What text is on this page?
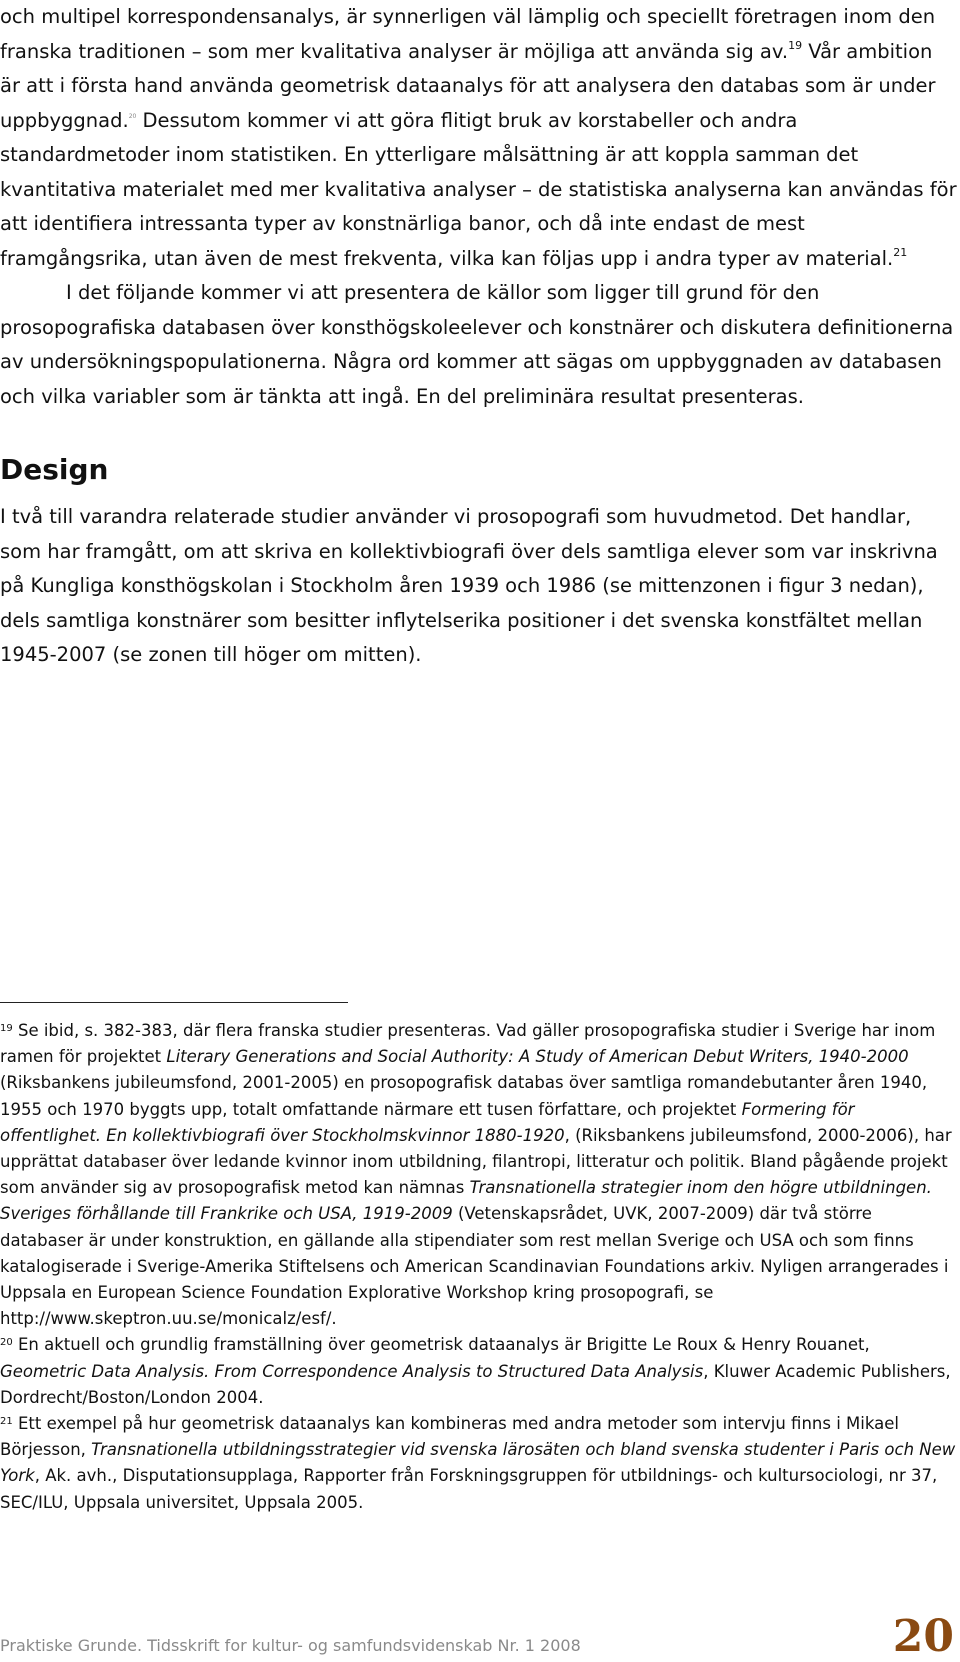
och multipel korrespondensanalys, är synnerligen väl lämplig och speciellt företragen inom den franska traditionen – som mer kvalitativa analyser är möjliga att använda sig av.$^{19}$ Vår ambition är att i första hand använda geometrisk dataanalys för att analysera den databas som är under uppbyggnad.$^{20}$ Dessutom kommer vi att göra flitigt bruk av korstabeller och andra standardmetoder inom statistiken. En ytterligare målsättning är att koppla samman det kvantitativa materialet med mer kvalitativa analyser – de statistiska analyserna kan användas för att identifiera intressanta typer av konstnärliga banor, och då inte endast de mest framgångsrika, utan även de mest frekventa, vilka kan följas upp i andra typer av material.$^{21}$

I det följande kommer vi att presentera de källor som ligger till grund för den prosopografiska databasen över konsthögskoleelever och konstnärer och diskutera definitionerna av undersökningspopulationerna. Några ord kommer att sägas om uppbyggnaden av databasen och vilka variabler som är tänkta att ingå. En del preliminära resultat presenteras.

Design

I två till varandra relaterade studier använder vi prosopografi som huvudmetod. Det handlar, som har framgått, om att skriva en kollektivbiografi över dels samtliga elever som var inskrivna på Kungliga konsthögskolan i Stockholm åren 1939 och 1986 (se mittenzonen i figur 3 nedan), dels samtliga konstnärer som besitter inflytelserika positioner i det svenska konstfältet mellan 1945-2007 (se zonen till höger om mitten).

$^{19}$ Se ibid, s. 382-383, där flera franska studier presenteras. Vad gäller prosopografiska studier i Sverige har inom ramen för projektet Literary Generations and Social Authority: A Study of American Debut Writers, 1940-2000 (Riksbankens jubileumsfond, 2001-2005) en prosopografisk databas över samtliga romandebutanter åren 1940, 1955 och 1970 byggts upp, totalt omfattande närmare ett tusen författare, och projektet Formering för offentlighet. En kollektivbiografi över Stockholmskvinnor 1880-1920, (Riksbankens jubileumsfond, 2000-2006), har upprättat databaser över ledande kvinnor inom utbildning, filantropi, litteratur och politik. Bland pågående projekt som använder sig av prosopografisk metod kan nämnas Transnationella strategier inom den högre utbildningen. Sveriges förhållande till Frankrike och USA, 1919-2009 (Vetenskapsrådet, UVK, 2007-2009) där två större databaser är under konstruktion, en gällande alla stipendiater som rest mellan Sverige och USA och som finns katalogiserade i Sverige-Amerika Stiftelsens och American Scandinavian Foundations arkiv. Nyligen arrangerades i Uppsala en European Science Foundation Explorative Workshop kring prosopografi, se http://www.skeptron.uu.se/monicalz/esf/.

$^{20}$ En aktuell och grundlig framställning över geometrisk dataanalys är Brigitte Le Roux & Henry Rouanet, Geometric Data Analysis. From Correspondence Analysis to Structured Data Analysis, Kluwer Academic Publishers, Dordrecht/Boston/London 2004.

$^{21}$ Ett exempel på hur geometrisk dataanalys kan kombineras med andra metoder som intervju finns i Mikael Börjesson, Transnationella utbildningsstrategier vid svenska lärosäten och bland svenska studenter i Paris och New York, Ak. avh., Disputationsupplaga, Rapporter från Forskningsgruppen för utbildnings- och kultursociologi, nr 37, SEC/ILU, Uppsala universitet, Uppsala 2005.

Praktiske Grunde. Tidsskrift for kultur- og samfundsvidenskab Nr. 1 2008	20
